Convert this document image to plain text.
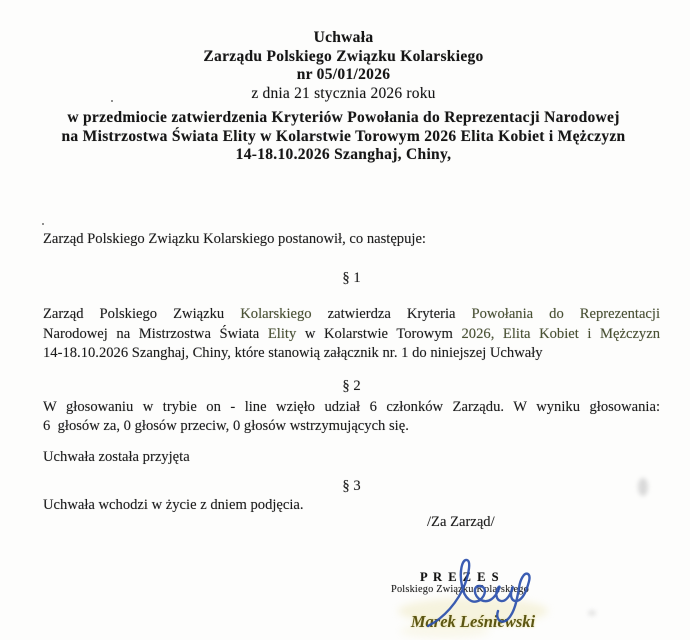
Uchwała
Zarządu Polskiego Związku Kolarskiego
nr 05/01/2026
z dnia 21 stycznia 2026 roku
w przedmiocie zatwierdzenia Kryteriów Powołania do Reprezentacji Narodowej
na Mistrzostwa Świata Elity w Kolarstwie Torowym 2026 Elita Kobiet i Mężczyzn
14-18.10.2026 Szanghaj, Chiny,
Zarząd Polskiego Związku Kolarskiego postanowił, co następuje:
§ 1
Zarząd Polskiego Związku Kolarskiego zatwierdza Kryteria Powołania do Reprezentacji
Narodowej na Mistrzostwa Świata Elity w Kolarstwie Torowym 2026, Elita Kobiet i Mężczyzn
14-18.10.2026 Szanghaj, Chiny, które stanowią załącznik nr. 1 do niniejszej Uchwały
§ 2
W głosowaniu w trybie on - line wzięło udział 6 członków Zarządu. W wyniku głosowania:
6  głosów za, 0 głosów przeciw, 0 głosów wstrzymujących się.
Uchwała została przyjęta
§ 3
Uchwała wchodzi w życie z dniem podjęcia.
/Za Zarząd/
P R E Z E S
Polskiego Związku Kolarskiego
Marek Leśniewski
